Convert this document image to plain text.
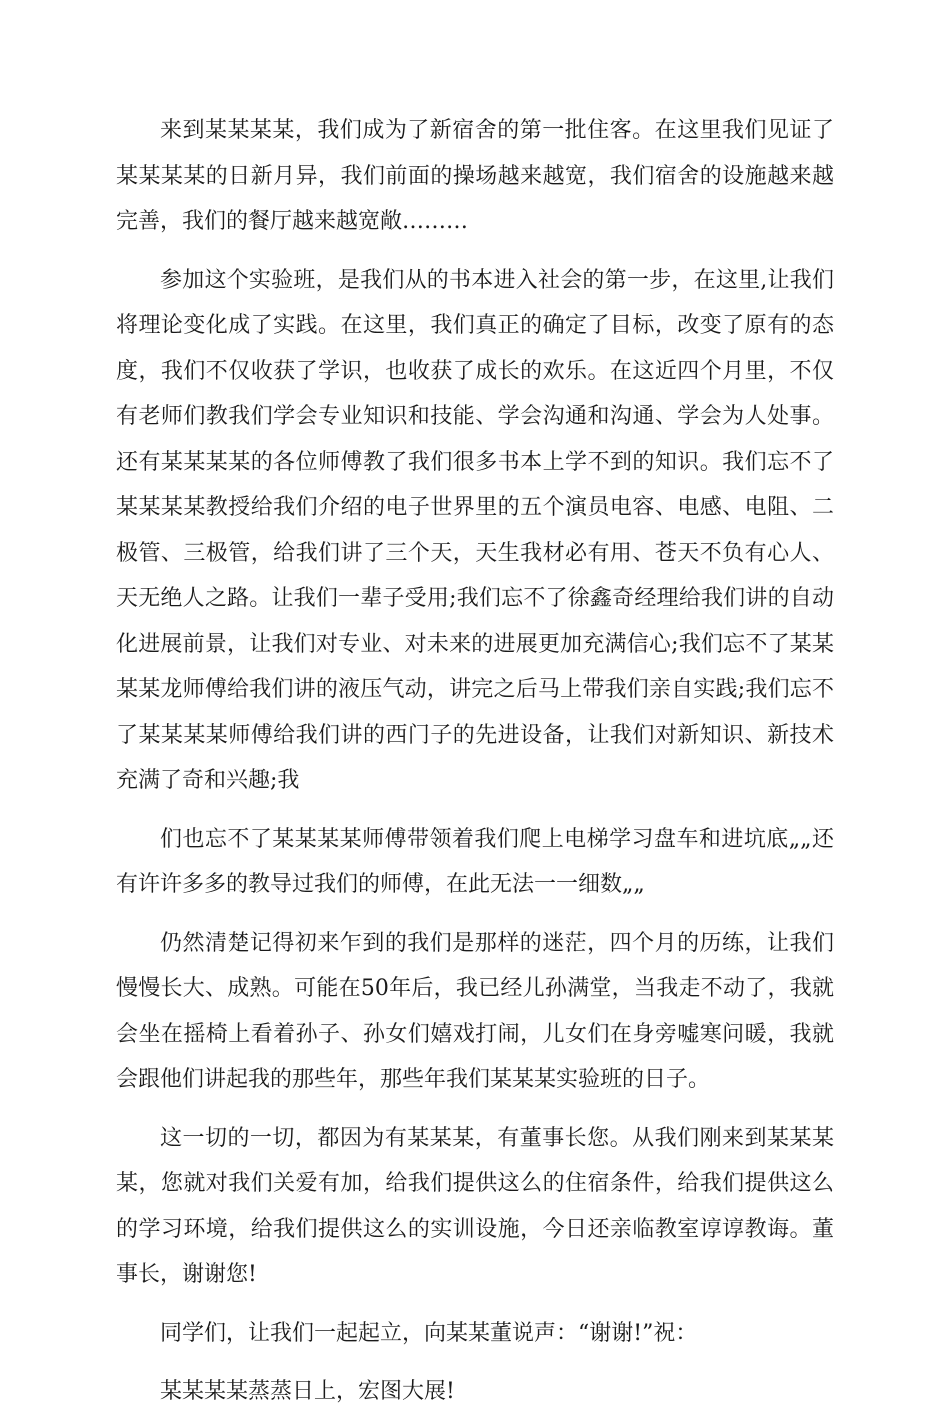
来到某某某某，我们成为了新宿舍的第一批住客。在这里我们见证了某某某某的日新月异，我们前面的操场越来越宽，我们宿舍的设施越来越完善，我们的餐厅越来越宽敞………

参加这个实验班，是我们从的书本进入社会的第一步，在这里,让我们将理论变化成了实践。在这里，我们真正的确定了目标，改变了原有的态度，我们不仅收获了学识，也收获了成长的欢乐。在这近四个月里，不仅有老师们教我们学会专业知识和技能、学会沟通和沟通、学会为人处事。还有某某某某的各位师傅教了我们很多书本上学不到的知识。我们忘不了某某某某教授给我们介绍的电子世界里的五个演员电容、电感、电阻、二极管、三极管，给我们讲了三个天，天生我材必有用、苍天不负有心人、天无绝人之路。让我们一辈子受用;我们忘不了徐鑫奇经理给我们讲的自动化进展前景，让我们对专业、对未来的进展更加充满信心;我们忘不了某某某某龙师傅给我们讲的液压气动，讲完之后马上带我们亲自实践;我们忘不了某某某某师傅给我们讲的西门子的先进设备，让我们对新知识、新技术充满了奇和兴趣;我

们也忘不了某某某某师傅带领着我们爬上电梯学习盘车和进坑底„„还有许许多多的教导过我们的师傅，在此无法一一细数„„

仍然清楚记得初来乍到的我们是那样的迷茫，四个月的历练，让我们慢慢长大、成熟。可能在50年后，我已经儿孙满堂，当我走不动了，我就会坐在摇椅上看着孙子、孙女们嬉戏打闹，儿女们在身旁嘘寒问暖，我就会跟他们讲起我的那些年，那些年我们某某某实验班的日子。

这一切的一切，都因为有某某某，有董事长您。从我们刚来到某某某某，您就对我们关爱有加，给我们提供这么的住宿条件，给我们提供这么的学习环境，给我们提供这么的实训设施，今日还亲临教室谆谆教诲。董事长，谢谢您!

同学们，让我们一起起立，向某某董说声：“谢谢!”祝：

某某某某蒸蒸日上，宏图大展!
